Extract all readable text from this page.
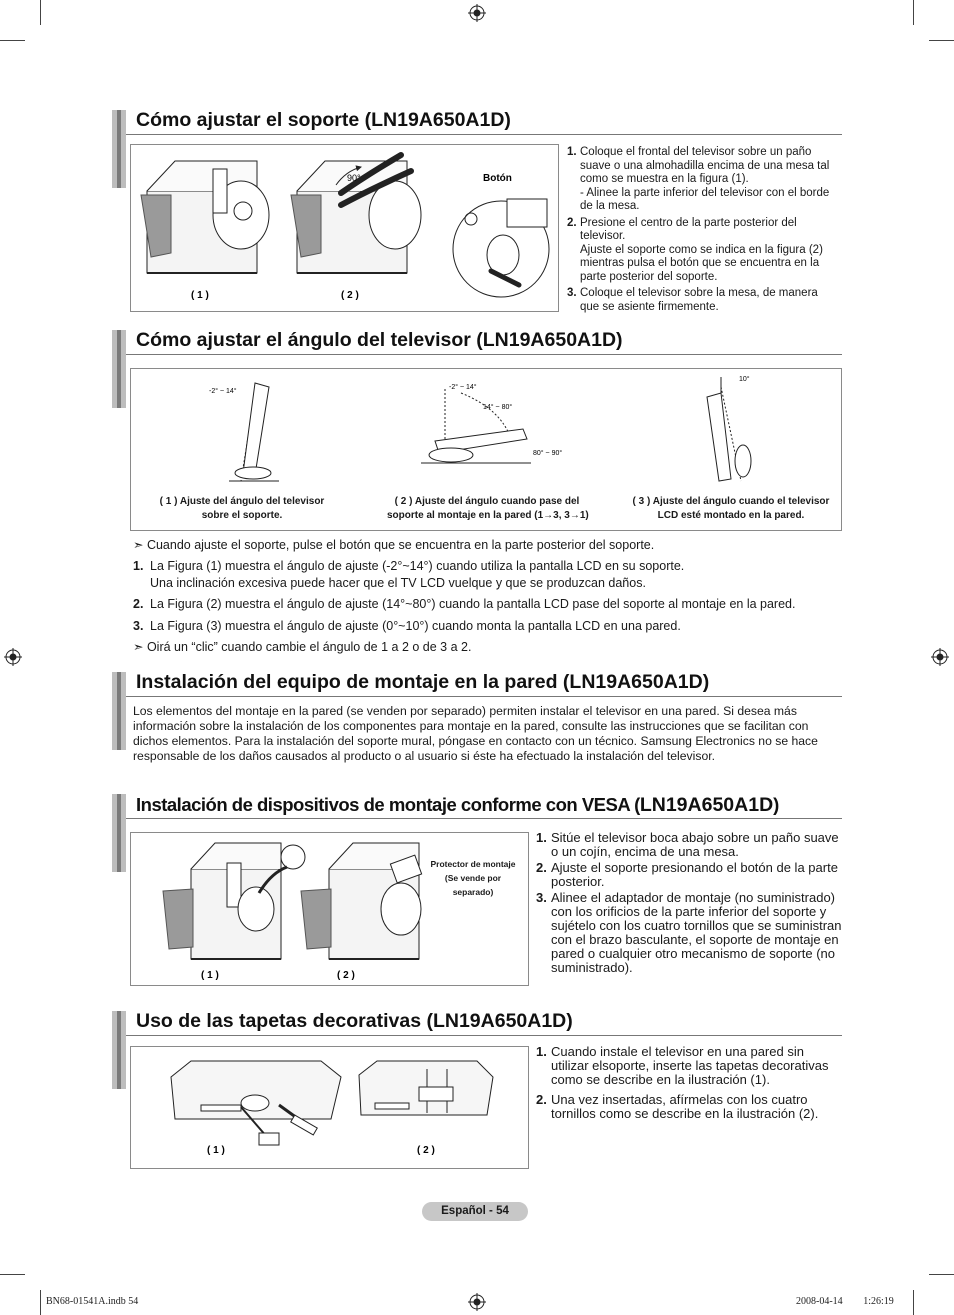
Cómo ajustar el soporte (LN19A650A1D)
( 1 )
90°
( 2 )
Botón
1. Coloque el frontal del televisor sobre un paño suave o una almohadilla encima de una mesa tal como se muestra en la figura (1).
- Alinee la parte inferior del televisor con el borde de la mesa.
2. Presione el centro de la parte posterior del televisor.
Ajuste el soporte como se indica en la figura (2) mientras pulsa el botón que se encuentra en la parte posterior del soporte.
3. Coloque el televisor sobre la mesa, de manera que se asiente firmemente.
Cómo ajustar el ángulo del televisor (LN19A650A1D)
-2° ~ 14°
-2° ~ 14°
14° ~ 80°
80° ~ 90°
10°
( 1 ) Ajuste del ángulo del televisor
sobre el soporte.
( 2 ) Ajuste del ángulo cuando pase del
soporte al montaje en la pared (1→3, 3→1)
( 3 ) Ajuste del ángulo cuando el televisor
LCD esté montado en la pared.
➣ Cuando ajuste el soporte, pulse el botón que se encuentra en la parte posterior del soporte.
1. La Figura (1) muestra el ángulo de ajuste (-2°~14°) cuando utiliza la pantalla LCD en su soporte.
Una inclinación excesiva puede hacer que el TV LCD vuelque y que se produzcan daños.
2. La Figura (2) muestra el ángulo de ajuste (14°~80°) cuando la pantalla LCD pase del soporte al montaje en la pared.
3. La Figura (3) muestra el ángulo de ajuste (0°~10°) cuando monta la pantalla LCD en una pared.
➣ Oirá un “clic” cuando cambie el ángulo de 1 a 2 o de 3 a 2.
Instalación del equipo de montaje en la pared (LN19A650A1D)
Los elementos del montaje en la pared (se venden por separado) permiten instalar el televisor en una pared. Si desea más
información sobre la instalación de los componentes para montaje en la pared, consulte las instrucciones que se facilitan con
dichos elementos. Para la instalación del soporte mural, póngase en contacto con un técnico. Samsung Electronics no se hace
responsable de los daños causados al producto o al usuario si éste ha efectuado la instalación del televisor.
Instalación de dispositivos de montaje conforme con VESA (LN19A650A1D)
( 1 )	( 2 )
Protector de montaje
(Se vende por
separado)
1. Sitúe el televisor boca abajo sobre un paño suave o un cojín, encima de una mesa.
2. Ajuste el soporte presionando el botón de la parte posterior.
3. Alinee el adaptador de montaje (no suministrado) con los orificios de la parte inferior del soporte y sujételo con los cuatro tornillos que se suministran con el brazo basculante, el soporte de montaje en pared o cualquier otro mecanismo de soporte (no suministrado).
Uso de las tapetas decorativas (LN19A650A1D)
( 1 )	( 2 )
1. Cuando instale el televisor en una pared sin utilizar elsoporte, inserte las tapetas decorativas como se describe en la ilustración (1).
2. Una vez insertadas, afírmelas con los cuatro tornillos como se describe en la ilustración (2).
Español - 54
BN68-01541A.indb 54	2008-04-14 ￿￿ 1:26:19
